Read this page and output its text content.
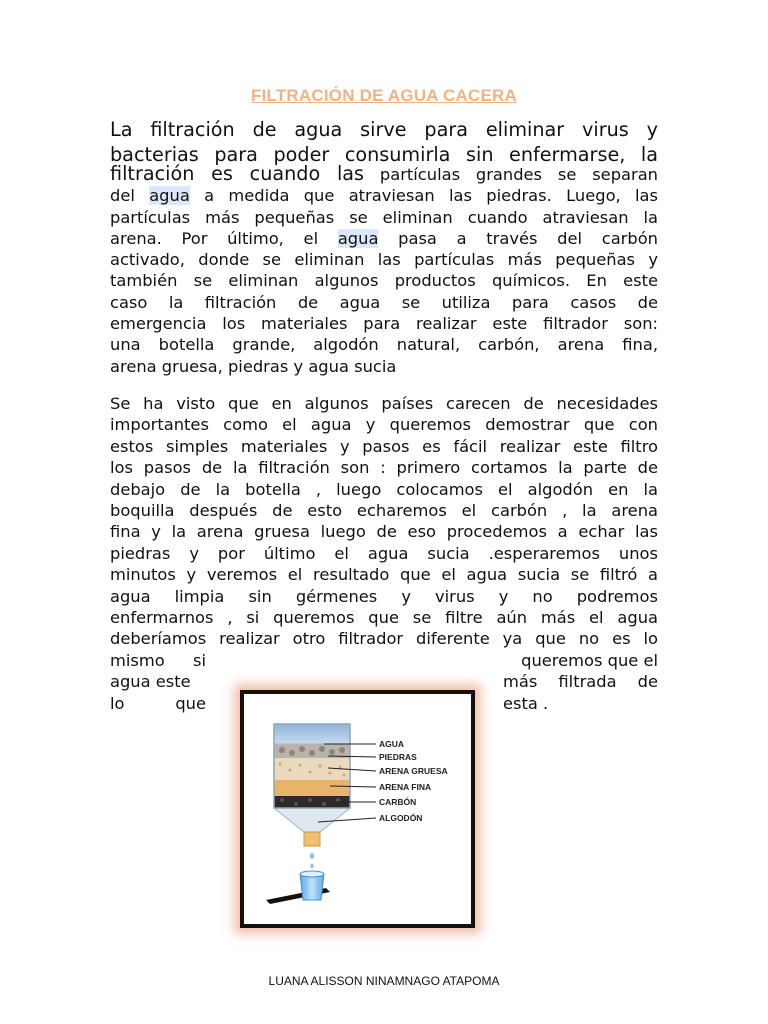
FILTRACIÓN DE AGUA CACERA
La filtración de agua sirve para eliminar virus y
bacterias para poder consumirla sin enfermarse, la
filtración es cuando las partículas grandes se separan
del agua a medida que atraviesan las piedras. Luego, las
partículas más pequeñas se eliminan cuando atraviesan la
arena. Por último, el agua pasa a través del carbón
activado, donde se eliminan las partículas más pequeñas y
también se eliminan algunos productos químicos. En este
caso la filtración de agua se utiliza para casos de
emergencia los materiales para realizar este filtrador son:
una botella grande, algodón natural, carbón, arena fina,
arena gruesa, piedras y agua sucia
Se ha visto que en algunos países carecen de necesidades
importantes como el agua y queremos demostrar que con
estos simples materiales y pasos es fácil realizar este filtro
los pasos de la filtración son : primero cortamos la parte de
debajo de la botella , luego colocamos el algodón en la
boquilla después de esto echaremos el carbón , la arena
fina y la arena gruesa luego de eso procedemos a echar las
piedras y por último el agua sucia .esperaremos unos
minutos y veremos el resultado que el agua sucia se filtró a
agua limpia sin gérmenes y virus y no podremos
enfermarnos , si queremos que se filtre aún más el agua
deberíamos realizar otro filtrador diferente ya que no es lo
mismo si	queremos que el
agua este	más filtrada de
lo	que	esta .
AGUA
PIEDRAS
ARENA GRUESA
ARENA FINA
CARBÓN
ALGODÓN
LUANA ALISSON NINAMNAGO ATAPOMA
